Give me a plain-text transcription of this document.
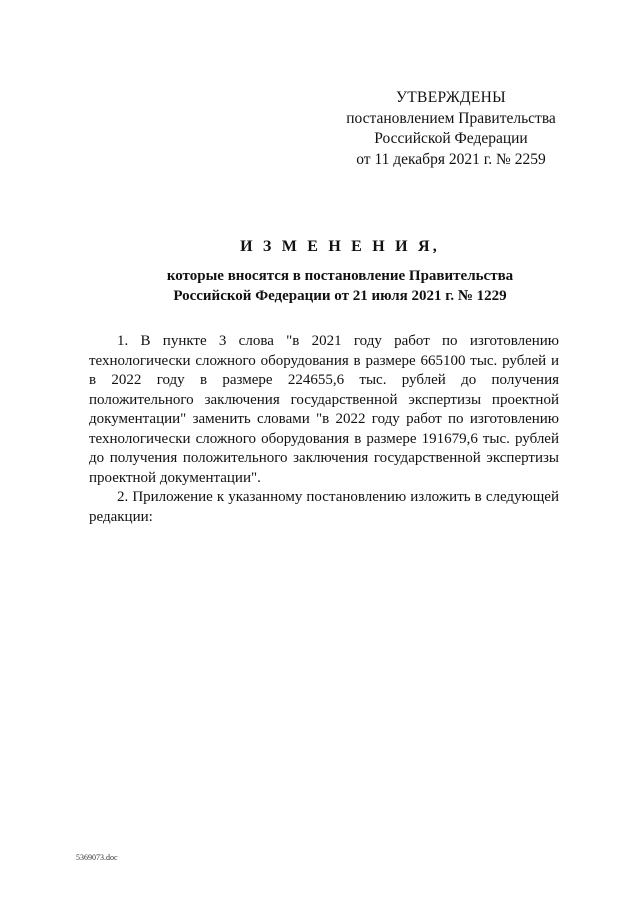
УТВЕРЖДЕНЫ
постановлением Правительства
Российской Федерации
от 11 декабря 2021 г. № 2259
И З М Е Н Е Н И Я,
которые вносятся в постановление Правительства
Российской Федерации от 21 июля 2021 г. № 1229

1. В пункте 3 слова "в 2021 году работ по изготовлению технологически сложного оборудования в размере 665100 тыс. рублей и в 2022 году в размере 224655,6 тыс. рублей до получения положительного заключения государственной экспертизы проектной документации" заменить словами "в 2022 году работ по изготовлению технологически сложного оборудования в размере 191679,6 тыс. рублей до получения положительного заключения государственной экспертизы проектной документации".

2. Приложение к указанному постановлению изложить в следующей редакции:

5369073.doc
